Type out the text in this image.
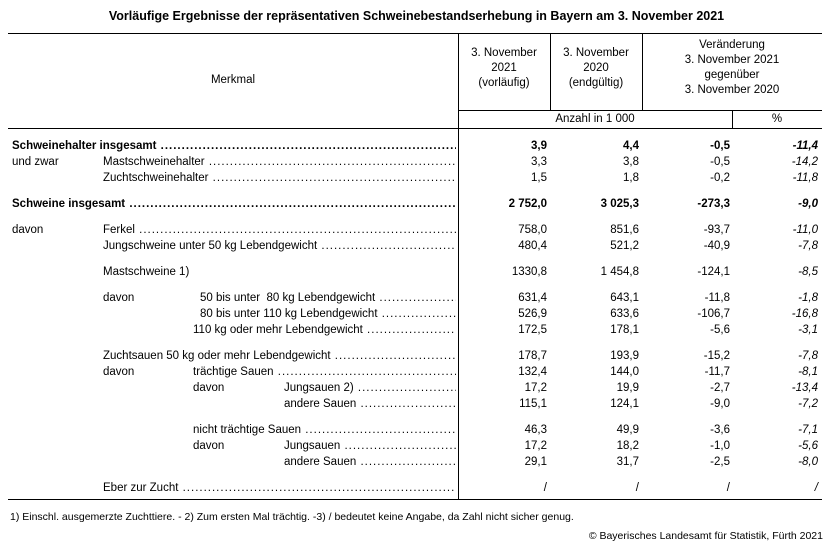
Vorläufige Ergebnisse der repräsentativen Schweinebestandserhebung in Bayern am 3. November 2021
Merkmal
3. November
2021
(vorläufig)
3. November
2020
(endgültig)
Veränderung
3. November 2021
gegenüber
3. November 2020
Anzahl in 1 000	%
Schweinehalter insgesamt .....	3,9	4,4	-0,5	-11,4
und zwar	Mastschweinehalter .....	3,3	3,8	-0,5	-14,2
Zuchtschweinehalter .....	1,5	1,8	-0,2	-11,8
Schweine insgesamt .....	2 752,0	3 025,3	-273,3	-9,0
davon	Ferkel .....	758,0	851,6	-93,7	-11,0
Jungschweine unter 50 kg Lebendgewicht .....	480,4	521,2	-40,9	-7,8
Mastschweine 1)	1330,8	1 454,8	-124,1	-8,5
davon	50 bis unter  80 kg Lebendgewicht .....	631,4	643,1	-11,8	-1,8
80 bis unter 110 kg Lebendgewicht .....	526,9	633,6	-106,7	-16,8
110 kg oder mehr Lebendgewicht .....	172,5	178,1	-5,6	-3,1
Zuchtsauen 50 kg oder mehr Lebendgewicht .....	178,7	193,9	-15,2	-7,8
davon	trächtige Sauen .....	132,4	144,0	-11,7	-8,1
davon	Jungsauen 2) .....	17,2	19,9	-2,7	-13,4
andere Sauen .....	115,1	124,1	-9,0	-7,2
nicht trächtige Sauen .....	46,3	49,9	-3,6	-7,1
davon	Jungsauen .....	17,2	18,2	-1,0	-5,6
andere Sauen .....	29,1	31,7	-2,5	-8,0
Eber zur Zucht .....	/	/	/	/
1) Einschl. ausgemerzte Zuchttiere. - 2) Zum ersten Mal trächtig. -3) / bedeutet keine Angabe, da Zahl nicht sicher genug.
© Bayerisches Landesamt für Statistik, Fürth 2021
